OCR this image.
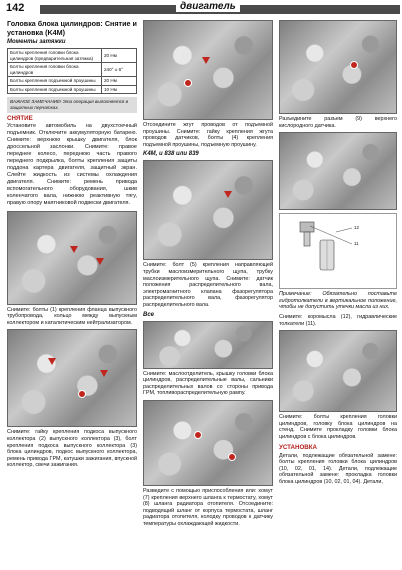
142	двигатель
Головка блока цилиндров: Снятие и установка (K4M)
Моменты затяжки
Болты крепления головки блока цилиндров (предварительная затяжка)	20 Нм
Болты крепления головки блока цилиндров	240° ± 6°
Болты крепления подъемной проушины	20 Нм
Болты крепления подъемной проушины	10 Нм
ВАЖНОЕ ЗАМЕЧАНИЕ! Эта операция выполняется в защитных перчатках.
СНЯТИЕ
Установите автомобиль на двухстоечный подъемник. Отключите аккумуляторную батарею. Снимите: верхнюю крышку двигателя, блок дроссельной заслонки. Снимите: правое переднее колесо, переднюю часть правого переднего подкрылка, болты крепления защиты поддона картера двигателя, защитный экран. Слейте жидкость из системы охлаждения двигателя. Снимите: ремень привода вспомогательного оборудования, шкив коленчатого вала, нижнюю реактивную тягу, правую опору маятниковой подвески двигателя.
Снимите: болты (1) крепления фланца выпускного трубопровода, кольцо между выпускным коллектором и каталитическим нейтрализатором.
Снимите: гайку крепления подкоса выпускного коллектора (2) выпускного коллектора (3), болт крепления подкоса выпускного коллектора (3) блока цилиндров, подкос выпускного коллектора, ремень привода ГРМ, катушки зажигания, впускной коллектор, свечи зажигания.
Отсоедините жгут проводов от подъемной проушины. Снимите: гайку крепления жгута проводов датчиков, болты (4) крепления подъемной проушины, подъемную проушину.
K4M, и 838 или 839
Снимите: болт (5) крепления направляющей трубки маслоизмерительного щупа, трубку маслоизмерительного щупа. Снимите: датчик положения распределительного вала, электромагнитного клапана фазорегулятора распределительного вала, фазорегулятор распределительного вала.
Все
Снимите: маслоотделитель, крышку головки блока цилиндров, распределительные валы, сальники распределительных валов со стороны привода ГРМ, топливораспределительную рампу.
Разведите с помощью приспособления или: хомут (7) крепления верхнего шланга к термостату, хомут (8) шланга радиатора отопителя. Отсоедините: подводящий шланг от корпуса термостата, шланг радиатора отопителя, колодку проводов к датчику температуры охлаждающей жидкости.
Разъедините разъем (9) верхнего кислородного датчика.
12
11
Примечание: Обязательно поставьте гидротолкатели в вертикальное положение, чтобы не допустить утечки масла из них.
Снимите: коромысла (12), гидравлические толкатели (11).
Снимите: болты крепления головки цилиндров, головку блока цилиндров на стенд. Снимите прокладку головки блока цилиндров с блока цилиндров.
УСТАНОВКА
Детали, подлежащие обязательной замене: болты крепления головки блока цилиндров (10, 02, 01, 14). Детали, подлежащие обязательной замене: прокладка головки блока цилиндров (10, 02, 01, 04). Детали,
